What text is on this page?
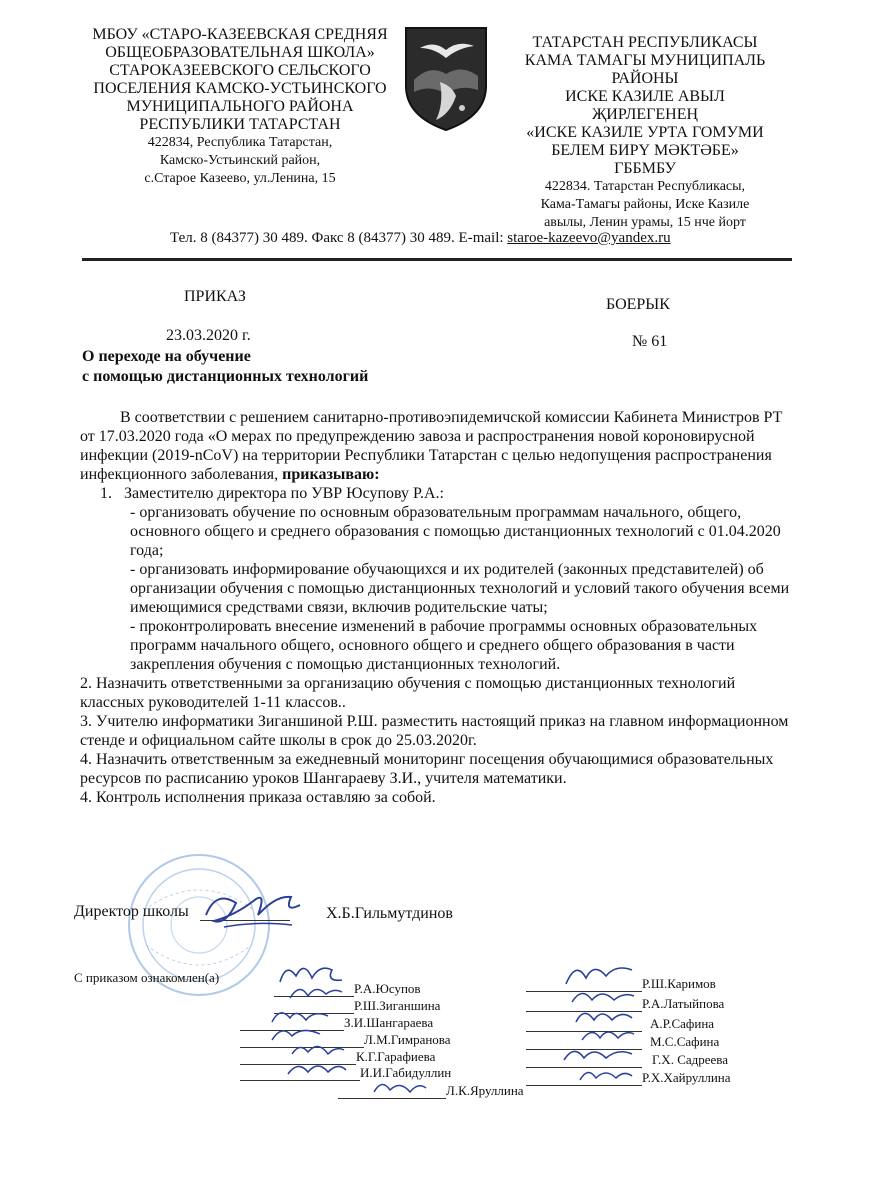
МБОУ «СТАРО-КАЗЕЕВСКАЯ СРЕДНЯЯ
ОБЩЕОБРАЗОВАТЕЛЬНАЯ ШКОЛА»
СТАРОКАЗЕЕВСКОГО СЕЛЬСКОГО
ПОСЕЛЕНИЯ КАМСКО-УСТЬИНСКОГО
МУНИЦИПАЛЬНОГО РАЙОНА
РЕСПУБЛИКИ ТАТАРСТАН
422834, Республика Татарстан,
Камско-Устьинский район,
с.Старое Казеево, ул.Ленина, 15
ТАТАРСТАН РЕСПУБЛИКАСЫ
КАМА ТАМАГЫ МУНИЦИПАЛЬ
РАЙОНЫ
ИСКЕ КАЗИЛЕ АВЫЛ
ҖИРЛЕГЕНЕҢ
«ИСКЕ КАЗИЛЕ УРТА ГОМУМИ
БЕЛЕМ БИРҮ МӘКТӘБЕ»
ГББМБУ
422834. Татарстан Республикасы,
Кама-Тамагы районы, Иске Казиле
авылы, Ленин урамы, 15 нче йорт
Тел. 8 (84377) 30 489. Факс 8 (84377) 30 489. E-mail: staroe-kazeevo@yandex.ru
ПРИКАЗ	БОЕРЫК
23.03.2020 г.	№ 61
О переходе на обучение
с помощью дистанционных технологий

В соответствии с решением санитарно-противоэпидемичской комиссии Кабинета Министров РТ от 17.03.2020 года «О мерах по предупреждению завоза и распространения новой короновирусной инфекции (2019-nCoV) на территории Республики Татарстан с целью недопущения распространения инфекционного заболевания, приказываю:

1.   Заместителю директора по УВР Юсупову Р.А.:

- организовать обучение по основным образовательным программам начального, общего, основного общего и среднего образования с помощью дистанционных технологий с 01.04.2020 года;

- организовать информирование обучающихся и их родителей (законных представителей) об организации обучения с помощью дистанционных технологий и условий такого обучения всеми имеющимися средствами связи, включив родительские чаты;

- проконтролировать внесение изменений в рабочие программы основных образовательных программ начального общего, основного общего и среднего общего образования в части закрепления обучения с помощью дистанционных технологий.

2. Назначить ответственными за организацию обучения с помощью дистанционных технологий классных руководителей 1-11 классов..

3. Учителю информатики Зиганшиной Р.Ш. разместить настоящий приказ на главном информационном стенде и официальном сайте школы в срок до 25.03.2020г.

4. Назначить ответственным за ежедневный мониторинг посещения обучающимися образовательных ресурсов по расписанию уроков Шангараеву З.И., учителя математики.

4. Контроль исполнения приказа оставляю за собой.

Директор школы	Х.Б.Гильмутдинов
С приказом ознакомлен(а)
Р.А.Юсупов
Р.Ш.Зиганшина
З.И.Шангараева
Л.М.Гимранова
К.Г.Гарафиева
И.И.Габидуллин
Л.К.Яруллина
Р.Ш.Каримов
Р.А.Латыйпова
А.Р.Сафина
М.С.Сафина
Г.Х. Садреева
Р.Х.Хайруллина
